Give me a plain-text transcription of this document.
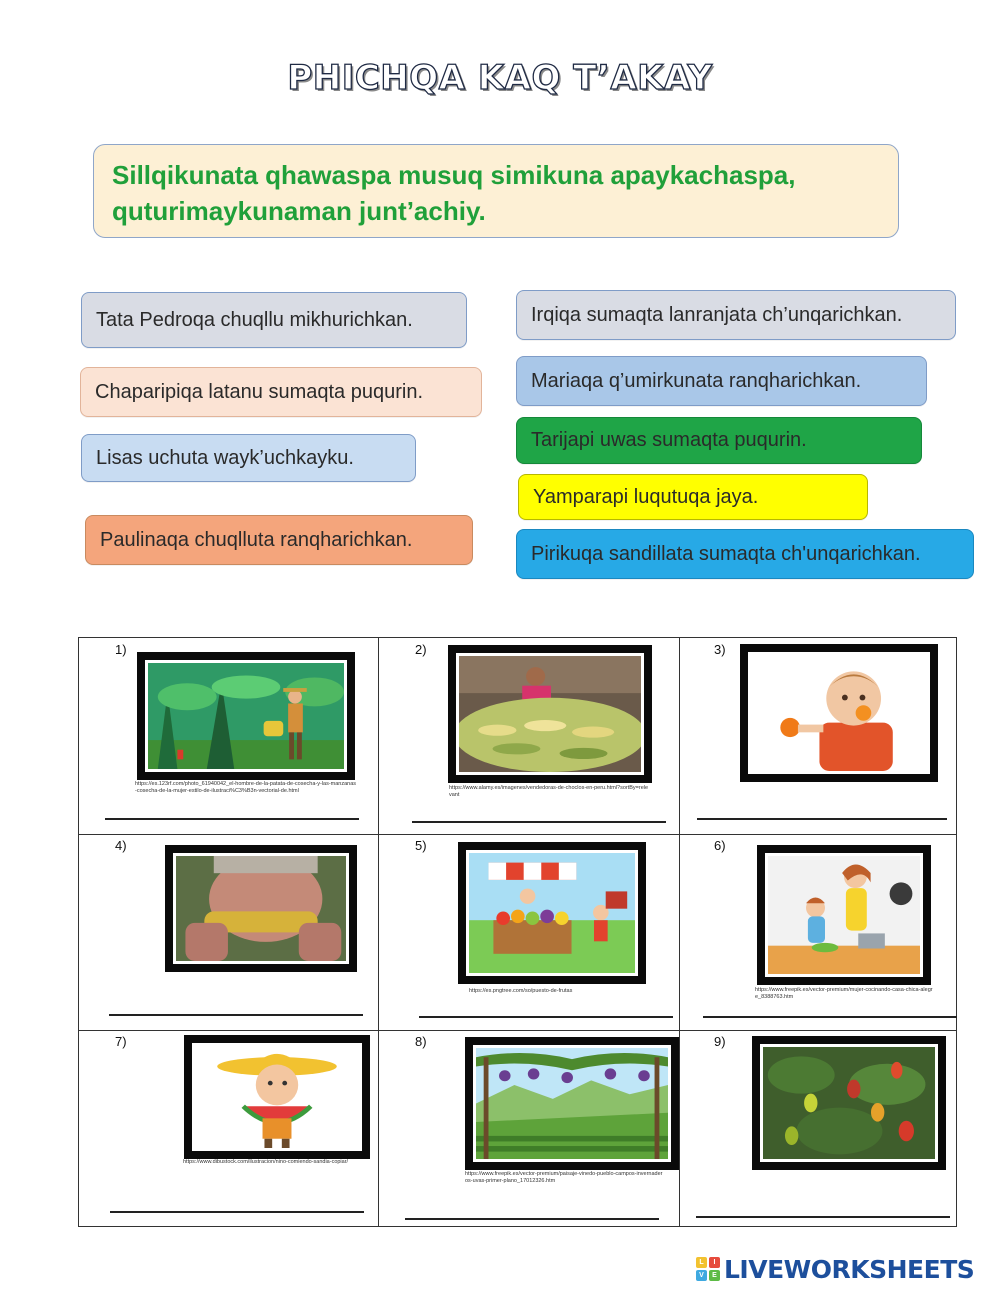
PHICHQA KAQ T’AKAY
Sillqikunata qhawaspa musuq simikuna apaykachaspa, quturimaykunaman junt’achiy.
Tata Pedroqa chuqllu mikhurichkan.	Irqiqa sumaqta lanranjata ch’unqarichkan.
Mariaqa q’umirkunata ranqharichkan.
Chaparipiqa latanu sumaqta puqurin.
Tarijapi uwas sumaqta puqurin.
Lisas uchuta wayk’uchkayku.
Yamparapi luqutuqa jaya.
Paulinaqa chuqlluta ranqharichkan.
Pirikuqa sandillata sumaqta ch'unqarichkan.
1)
https://es.123rf.com/photo_61940042_el-hombre-de-la-patata-de-cosecha-y-las-manzanas-cosecha-de-la-mujer-estilo-de-ilustraci%C3%B3n-vectorial-de.html
2)
https://www.alamy.es/imagenes/vendedoras-de-choclos-en-peru.html?sortBy=relevant
3)
4)	5)
https://es.pngtree.com/so/puesto-de-frutas
6)
https://www.freepik.es/vector-premium/mujer-cocinando-casa-chica-alegre_8388763.htm
7)
https://www.dibustock.com/ilustracion/nino-comiendo-sandia-copiar/
8)
https://www.freepik.es/vector-premium/paisaje-vinedo-pueblo-campos-invernaderos-uvas-primer-plano_17012326.htm
9)
L	I
V	E LIVEWORKSHEETS
